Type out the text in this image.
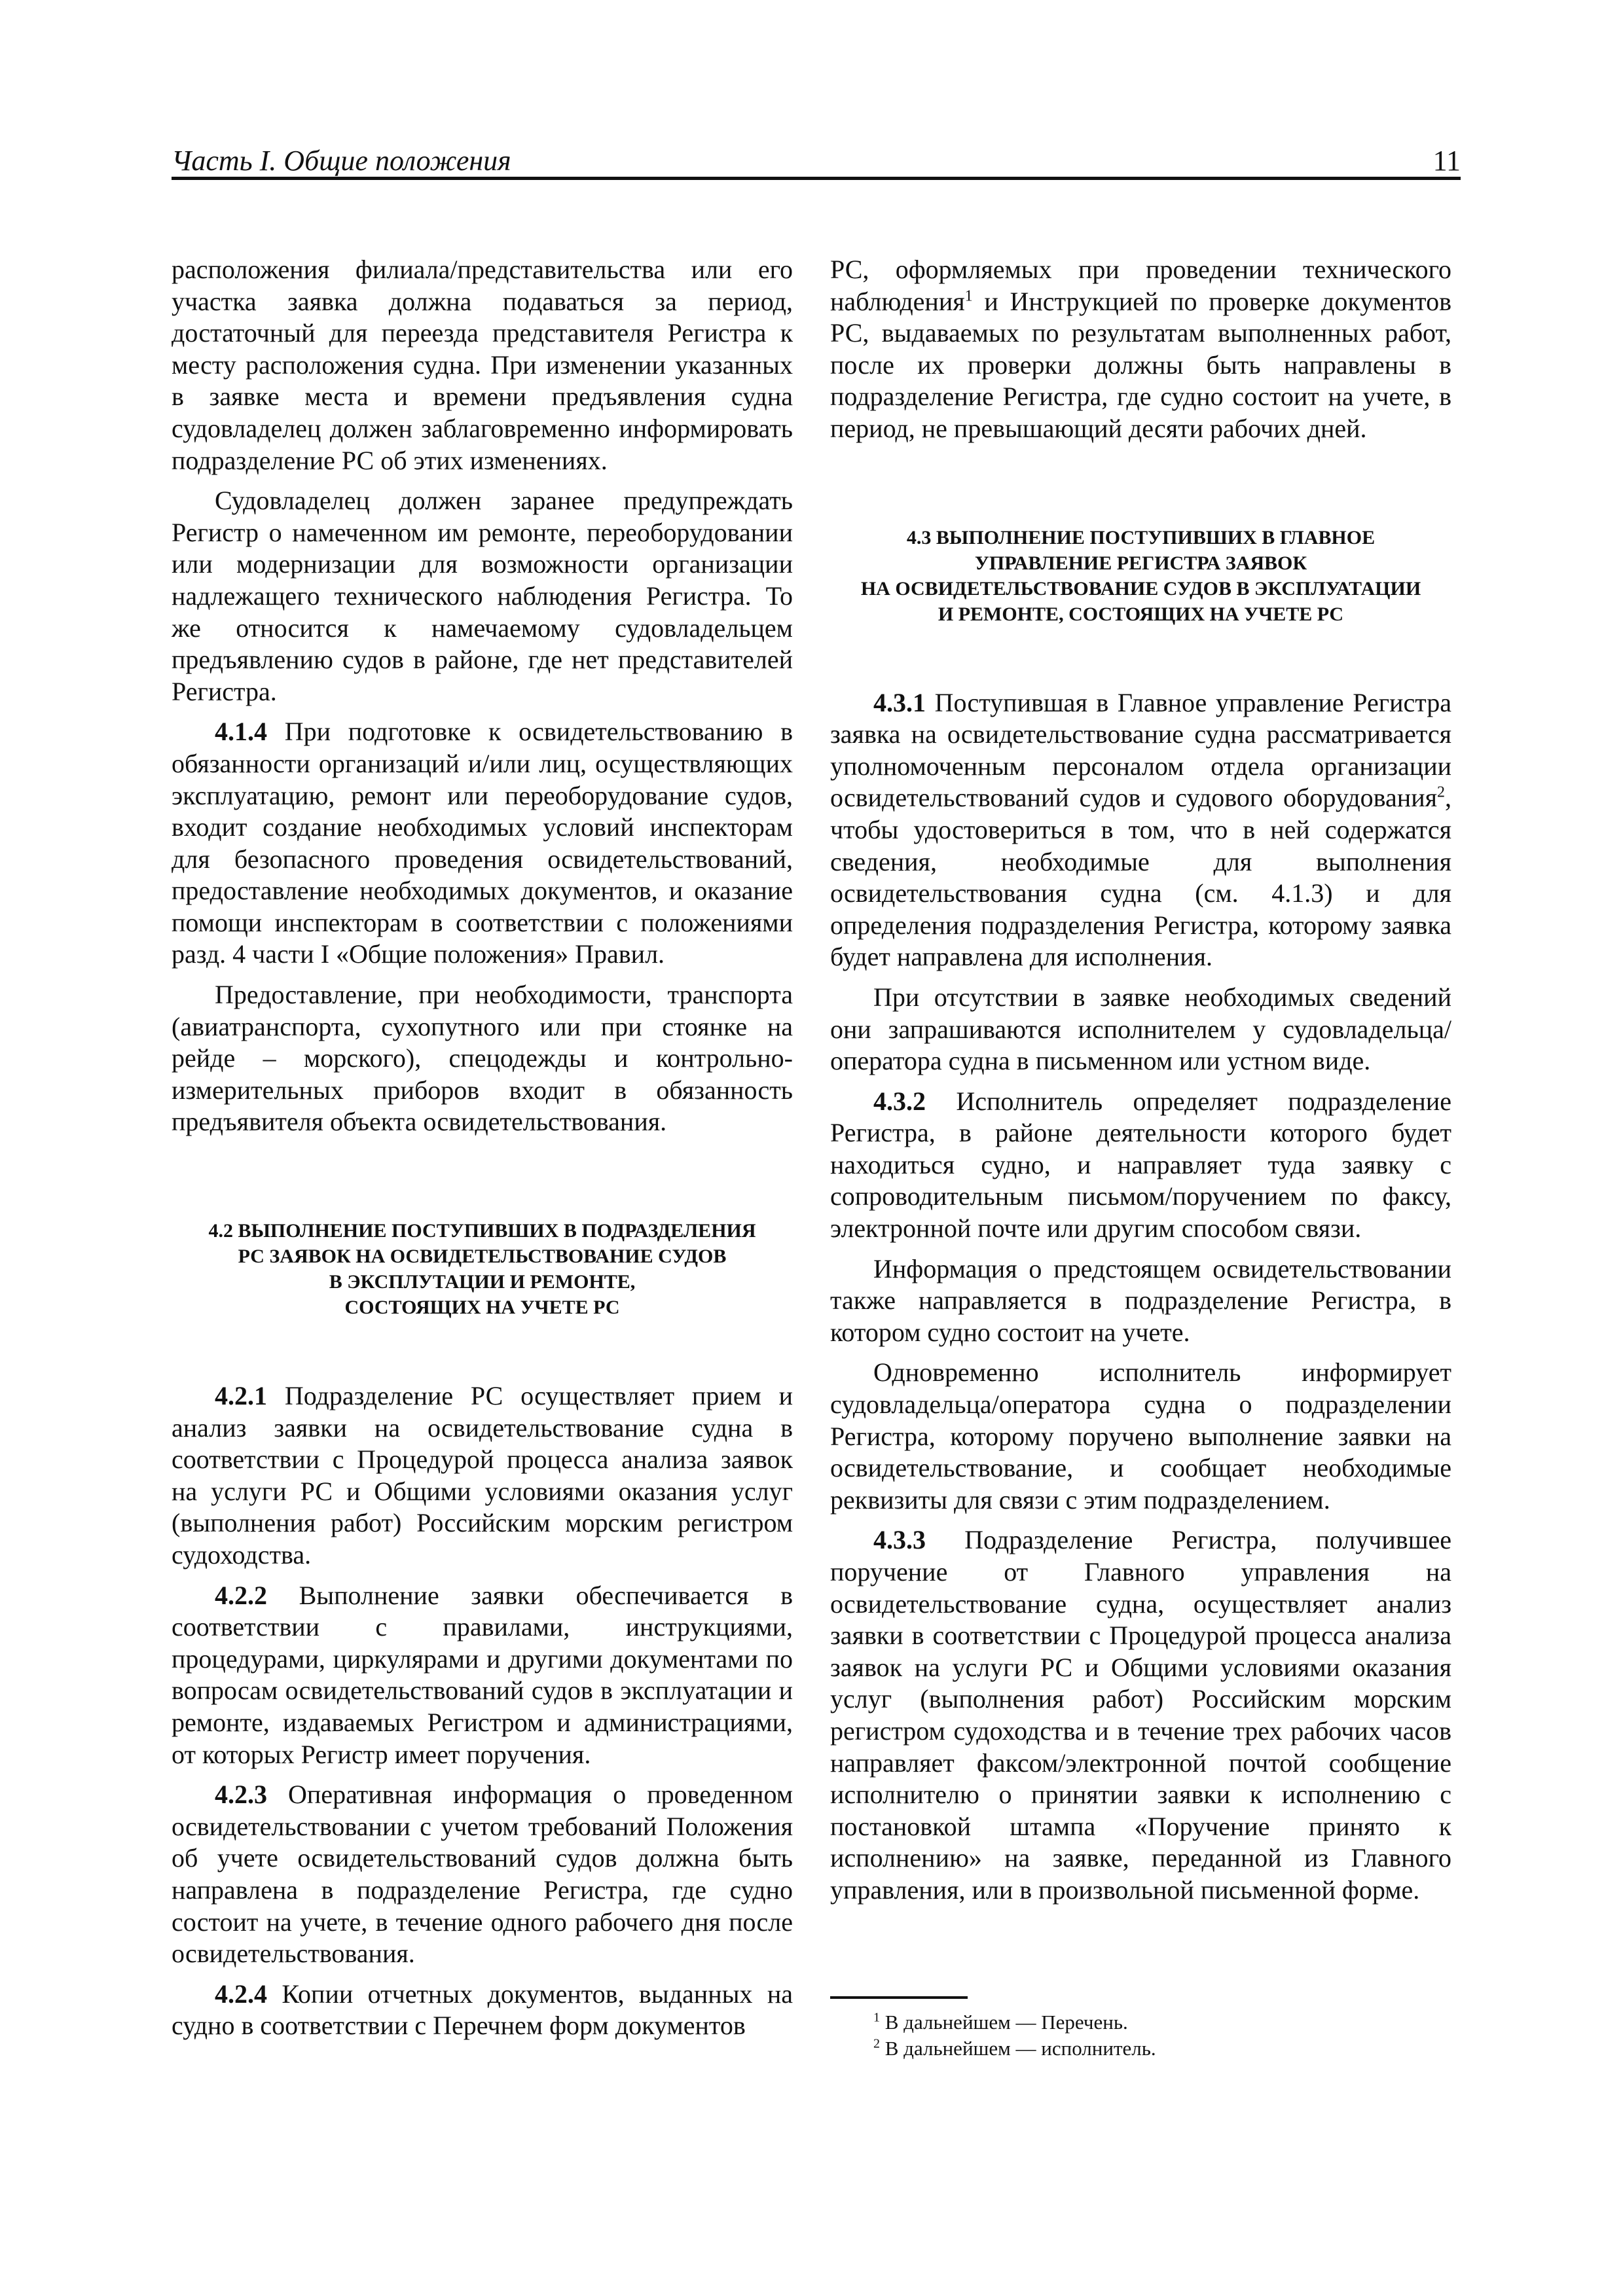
Часть I. Общие положения	11

расположения филиала/представительства или его участка заявка должна подаваться за период, достаточный для переезда представителя Регистра к месту расположения судна. При изменении указанных в заявке места и времени предъявления судна судовладелец должен заблаговременно информировать подразделение РС об этих изменениях.

Судовладелец должен заранее предупреждать Регистр о намеченном им ремонте, переоборудовании или модернизации для возможности организации надлежащего технического наблюдения Регистра. То же относится к намечаемому судовладельцем предъявлению судов в районе, где нет представителей Регистра.

4.1.4 При подготовке к освидетельствованию в обязанности организаций и/или лиц, осуществляющих эксплуатацию, ремонт или переоборудование судов, входит создание необходимых условий инспекторам для безопасного проведения освидетельствований, предоставление необходимых документов, и оказание помощи инспекторам в соответствии с положениями разд. 4 части I «Общие положения» Правил.

Предоставление, при необходимости, транспорта (авиатранспорта, сухопутного или при стоянке на рейде – морского), спецодежды и контрольно-измерительных приборов входит в обязанность предъявителя объекта освидетельствования.

4.2 ВЫПОЛНЕНИЕ ПОСТУПИВШИХ В ПОДРАЗДЕЛЕНИЯ
РС ЗАЯВОК НА ОСВИДЕТЕЛЬСТВОВАНИЕ СУДОВ
В ЭКСПЛУТАЦИИ И РЕМОНТЕ,
СОСТОЯЩИХ НА УЧЕТЕ РС

4.2.1 Подразделение РС осуществляет прием и анализ заявки на освидетельствование судна в соответствии с Процедурой процесса анализа заявок на услуги РС и Общими условиями оказания услуг (выполнения работ) Российским морским регистром судоходства.

4.2.2 Выполнение заявки обеспечивается в соответствии с правилами, инструкциями, процедурами, циркулярами и другими документами по вопросам освидетельствований судов в эксплуатации и ремонте, издаваемых Регистром и администрациями, от которых Регистр имеет поручения.

4.2.3 Оперативная информация о проведенном освидетельствовании с учетом требований Положения об учете освидетельствований судов должна быть направлена в подразделение Регистра, где судно состоит на учете, в течение одного рабочего дня после освидетельствования.

4.2.4 Копии отчетных документов, выданных на судно в соответствии с Перечнем форм документов

РС, оформляемых при проведении технического наблюдения$^1$ и Инструкцией по проверке документов РС, выдаваемых по результатам выполненных работ, после их проверки должны быть направлены в подразделение Регистра, где судно состоит на учете, в период, не превышающий десяти рабочих дней.

4.3 ВЫПОЛНЕНИЕ ПОСТУПИВШИХ В ГЛАВНОЕ
УПРАВЛЕНИЕ РЕГИСТРА ЗАЯВОК
НА ОСВИДЕТЕЛЬСТВОВАНИЕ СУДОВ В ЭКСПЛУАТАЦИИ
И РЕМОНТЕ, СОСТОЯЩИХ НА УЧЕТЕ РС

4.3.1 Поступившая в Главное управление Регистра заявка на освидетельствование судна рассматривается уполномоченным персоналом отдела организации освидетельствований судов и судового оборудования$^2$, чтобы удостовериться в том, что в ней содержатся сведения, необходимые для выполнения освидетельствования судна (см. 4.1.3) и для определения подразделения Регистра, которому заявка будет направлена для исполнения.

При отсутствии в заявке необходимых сведений они запрашиваются исполнителем у судовладельца/оператора судна в письменном или устном виде.

4.3.2 Исполнитель определяет подразделение Регистра, в районе деятельности которого будет находиться судно, и направляет туда заявку с сопроводительным письмом/поручением по факсу, электронной почте или другим способом связи.

Информация о предстоящем освидетельствовании также направляется в подразделение Регистра, в котором судно состоит на учете.

Одновременно исполнитель информирует судовладельца/оператора судна о подразделении Регистра, которому поручено выполнение заявки на освидетельствование, и сообщает необходимые реквизиты для связи с этим подразделением.

4.3.3 Подразделение Регистра, получившее поручение от Главного управления на освидетельствование судна, осуществляет анализ заявки в соответствии с Процедурой процесса анализа заявок на услуги РС и Общими условиями оказания услуг (выполнения работ) Российским морским регистром судоходства и в течение трех рабочих часов направляет факсом/электронной почтой сообщение исполнителю о принятии заявки к исполнению с постановкой штампа «Поручение принято к исполнению» на заявке, переданной из Главного управления, или в произвольной письменной форме.

$^1$ В дальнейшем — Перечень.
$^2$ В дальнейшем — исполнитель.
